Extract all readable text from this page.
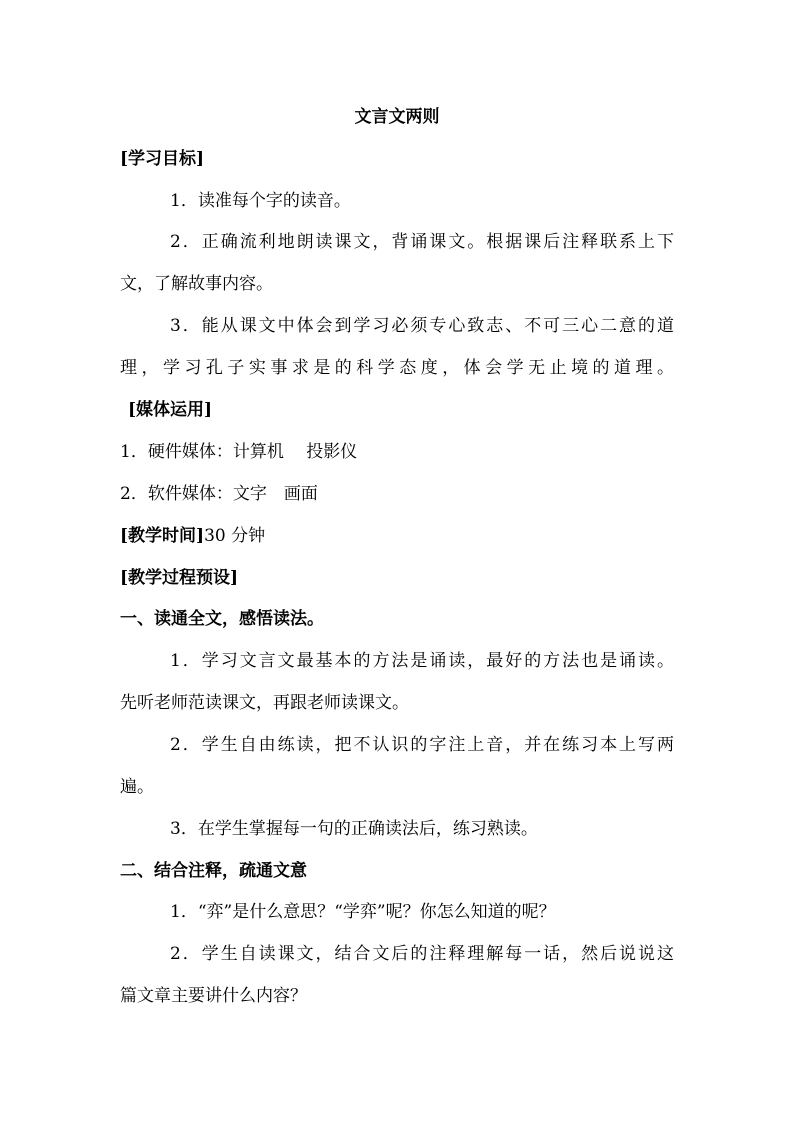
文言文两则
[学习目标]
1．读准每个字的读音。
2．正确流利地朗读课文，背诵课文。根据课后注释联系上下
文，了解故事内容。
3．能从课文中体会到学习必须专心致志、不可三心二意的道
理，学习孔子实事求是的科学态度，体会学无止境的道理。
[媒体运用]
1．硬件媒体：计算机　 投影仪
2．软件媒体：文字　画面
[教学时间]30 分钟
[教学过程预设]
一、读通全文，感悟读法。
1．学习文言文最基本的方法是诵读，最好的方法也是诵读。
先听老师范读课文，再跟老师读课文。
2．学生自由练读，把不认识的字注上音，并在练习本上写两
遍。
3．在学生掌握每一句的正确读法后，练习熟读。
二、结合注释，疏通文意
1．“弈”是什么意思？“学弈”呢？你怎么知道的呢？
2．学生自读课文，结合文后的注释理解每一话，然后说说这
篇文章主要讲什么内容？
